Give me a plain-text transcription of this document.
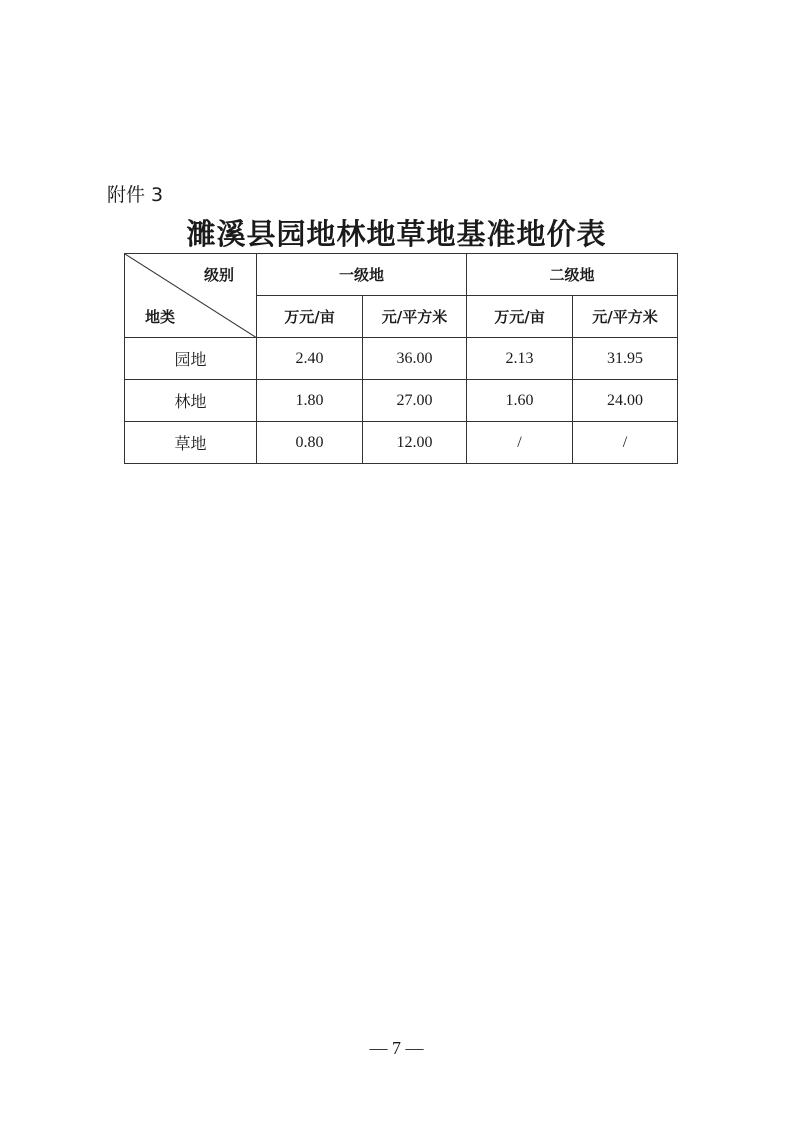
附件 3
濉溪县园地林地草地基准地价表
级别
地类	一级地		二级地	
	万元/亩	元/平方米	万元/亩	元/平方米
园地	2.40	36.00	2.13	31.95
林地	1.80	27.00	1.60	24.00
草地	0.80	12.00	/	/
— 7 —
